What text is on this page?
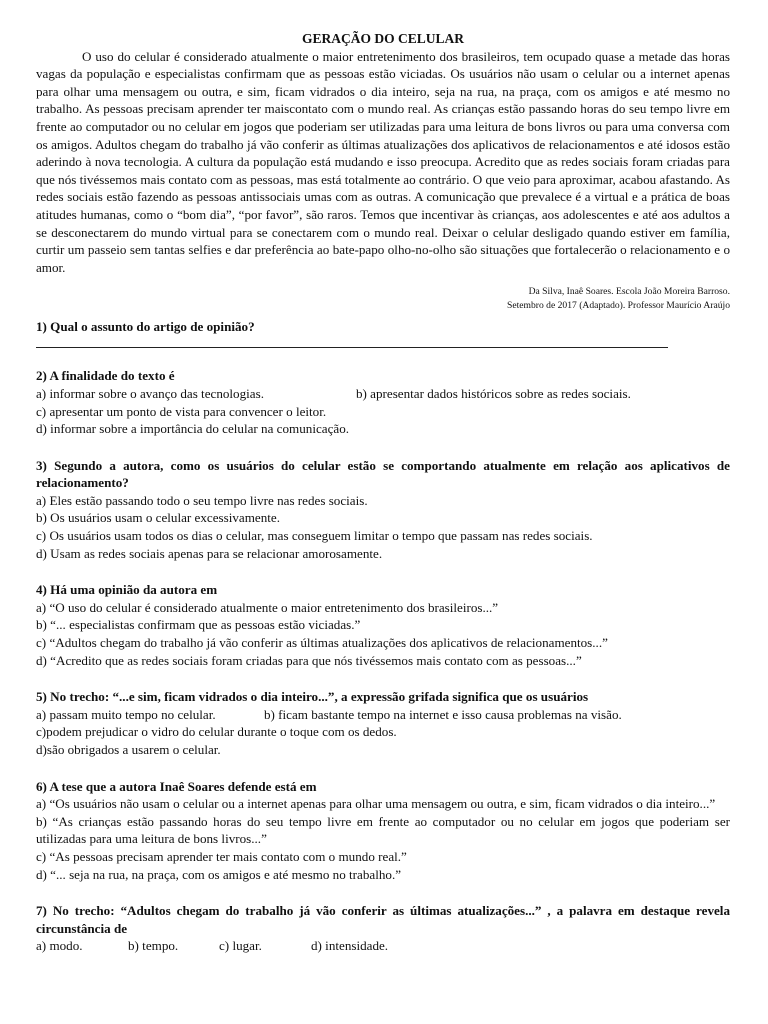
GERAÇÃO DO CELULAR

O uso do celular é considerado atualmente o maior entretenimento dos brasileiros, tem ocupado quase a metade das horas vagas da população e especialistas confirmam que as pessoas estão viciadas. Os usuários não usam o celular ou a internet apenas para olhar uma mensagem ou outra, e sim, ficam vidrados o dia inteiro, seja na rua, na praça, com os amigos e até mesmo no trabalho. As pessoas precisam aprender ter maiscontato com o mundo real. As crianças estão passando horas do seu tempo livre em frente ao computador ou no celular em jogos que poderiam ser utilizadas para uma leitura de bons livros ou para uma conversa com os amigos. Adultos chegam do trabalho já vão conferir as últimas atualizações dos aplicativos de relacionamentos e até idosos estão aderindo à nova tecnologia. A cultura da população está mudando e isso preocupa. Acredito que as redes sociais foram criadas para que nós tivéssemos mais contato com as pessoas, mas está totalmente ao contrário. O que veio para aproximar, acabou afastando. As redes sociais estão fazendo as pessoas antissociais umas com as outras. A comunicação que prevalece é a virtual e a prática de boas atitudes humanas, como o “bom dia”, “por favor”, são raros. Temos que incentivar às crianças, aos adolescentes e até aos adultos a se desconectarem do mundo virtual para se conectarem com o mundo real. Deixar o celular desligado quando estiver em família, curtir um passeio sem tantas selfies e dar preferência ao bate-papo olho-no-olho são situações que fortalecerão o relacionamento e o amor.

Da Silva, Inaê Soares. Escola João Moreira Barroso.
Setembro de 2017 (Adaptado). Professor Maurício Araújo
1) Qual o assunto do artigo de opinião?
2) A finalidade do texto é
a) informar sobre o avanço das tecnologias.	b) apresentar dados históricos sobre as redes sociais.
c) apresentar um ponto de vista para convencer o leitor.
d) informar sobre a importância do celular na comunicação.
3) Segundo a autora, como os usuários do celular estão se comportando atualmente em relação aos aplicativos de relacionamento?
a) Eles estão passando todo o seu tempo livre nas redes sociais.
b) Os usuários usam o celular excessivamente.
c) Os usuários usam todos os dias o celular, mas conseguem limitar o tempo que passam nas redes sociais.
d) Usam as redes sociais apenas para se relacionar amorosamente.
4) Há uma opinião da autora em
a) “O uso do celular é considerado atualmente o maior entretenimento dos brasileiros...”
b) “... especialistas confirmam que as pessoas estão viciadas.”
c) “Adultos chegam do trabalho já vão conferir as últimas atualizações dos aplicativos de relacionamentos...”
d) “Acredito que as redes sociais foram criadas para que nós tivéssemos mais contato com as pessoas...”
5) No trecho: “...e sim, ficam vidrados o dia inteiro...”, a expressão grifada significa que os usuários
a) passam muito tempo no celular.	b) ficam bastante tempo na internet e isso causa problemas na visão.
c)podem prejudicar o vidro do celular durante o toque com os dedos.
d)são obrigados a usarem o celular.
6) A tese que a autora Inaê Soares defende está em
a) “Os usuários não usam o celular ou a internet apenas para olhar uma mensagem ou outra, e sim, ficam vidrados o dia inteiro...”
b) “As crianças estão passando horas do seu tempo livre em frente ao computador ou no celular em jogos que poderiam ser utilizadas para uma leitura de bons livros...”
c) “As pessoas precisam aprender ter mais contato com o mundo real.”
d) “... seja na rua, na praça, com os amigos e até mesmo no trabalho.”
7) No trecho: “Adultos chegam do trabalho já vão conferir as últimas atualizações...” , a palavra em destaque revela circunstância de
a) modo.	b) tempo.	c) lugar.	d) intensidade.
